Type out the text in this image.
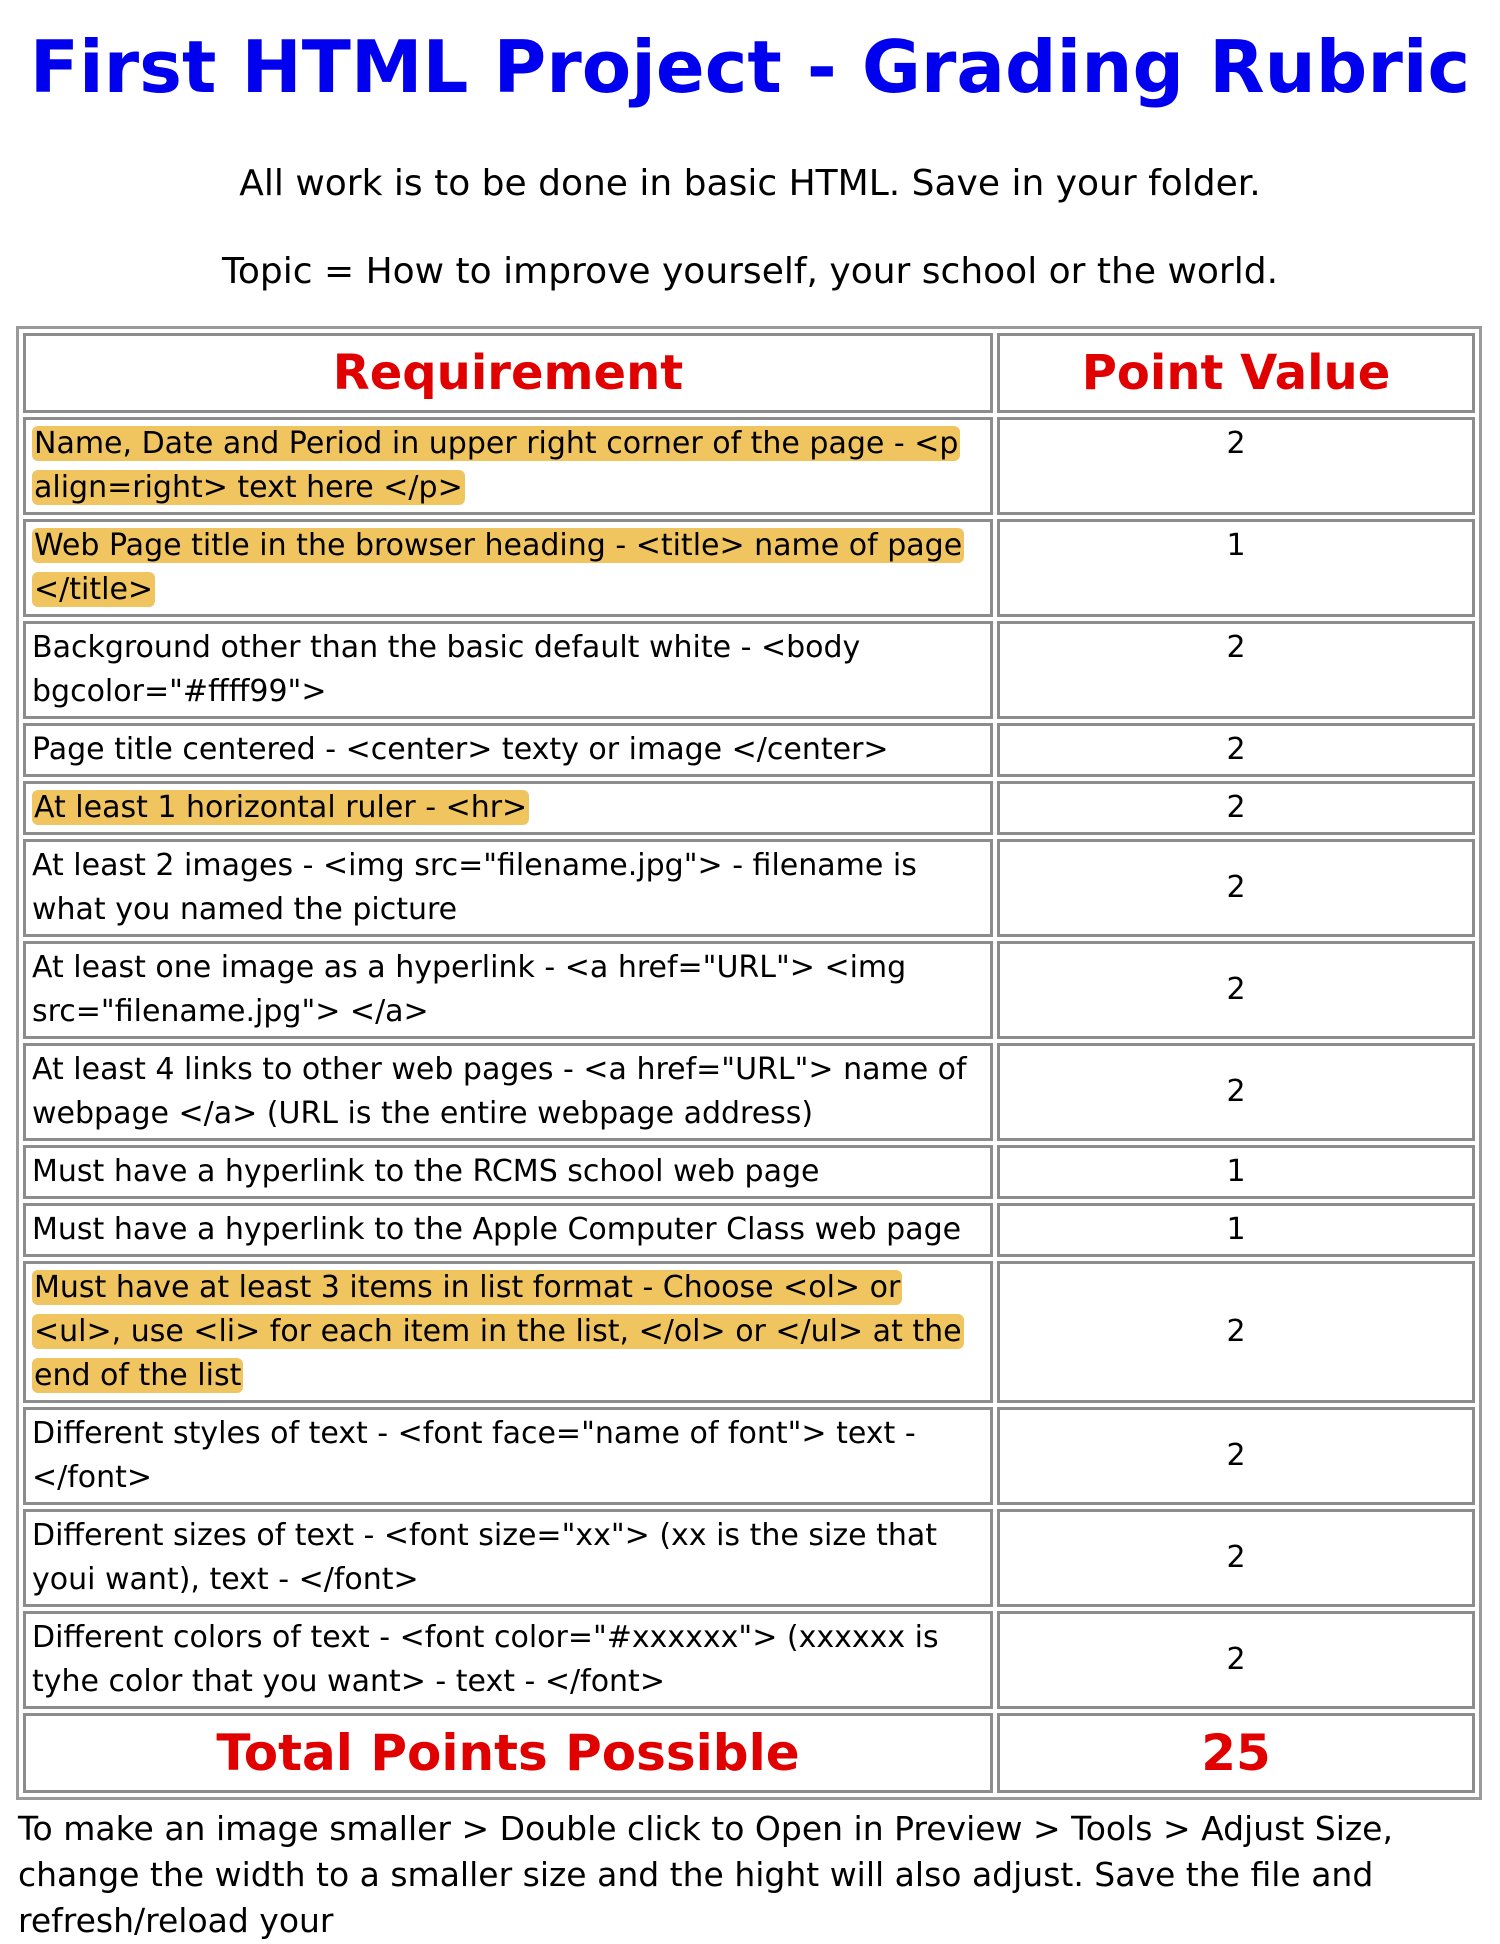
First HTML Project - Grading Rubric
All work is to be done in basic HTML. Save in your folder.
Topic = How to improve yourself, your school or the world.
Requirement	Point Value
Name, Date and Period in upper right corner of the page - <p align=right> text here </p>	2
Web Page title in the browser heading - <title> name of page </title>	1
Background other than the basic default white - <body bgcolor="#ffff99">	2
Page title centered - <center> texty or image </center>	2
At least 1 horizontal ruler - <hr>	2
At least 2 images - <img src="filename.jpg"> - filename is what you named the picture	2
At least one image as a hyperlink - <a href="URL"> <img src="filename.jpg"> </a>	2
At least 4 links to other web pages - <a href="URL"> name of webpage </a> (URL is the entire webpage address)	2
Must have a hyperlink to the RCMS school web page	1
Must have a hyperlink to the Apple Computer Class web page	1
Must have at least 3 items in list format - Choose <ol> or <ul>, use <li> for each item in the list, </ol> or </ul> at the end of the list	2
Different styles of text - <font face="name of font"> text - </font>	2
Different sizes of text - <font size="xx"> (xx is the size that youi want), text - </font>	2
Different colors of text - <font color="#xxxxxx"> (xxxxxx is tyhe color that you want> - text - </font>	2
Total Points Possible	25
To make an image smaller > Double click to Open in Preview > Tools > Adjust Size, change the width to a smaller size and the hight will also adjust. Save the file and refresh/reload your
